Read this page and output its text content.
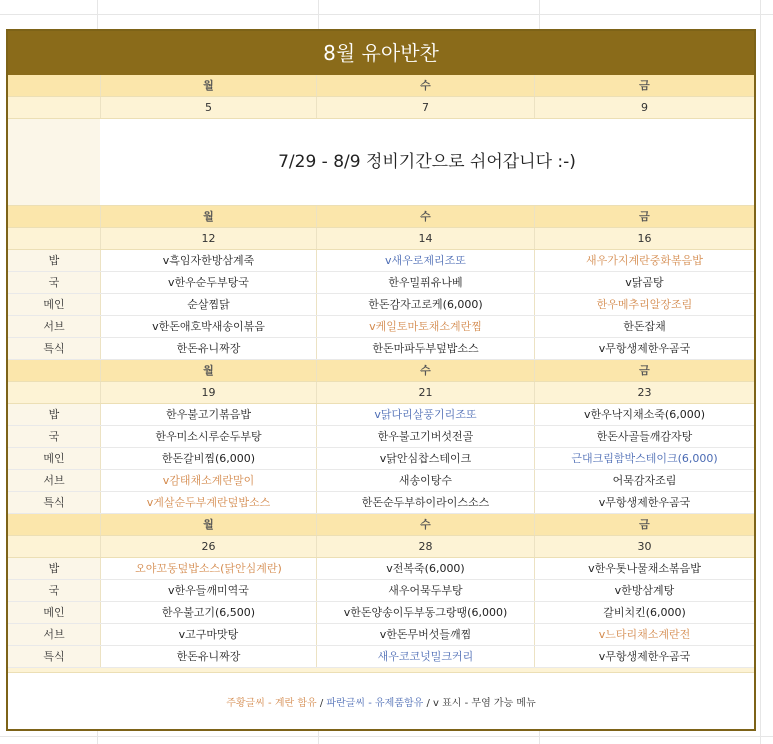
8월 유아반찬
월	수	금
5	7	9
7/29 - 8/9 정비기간으로 쉬어갑니다 :-)
월	수	금
12	14	16
밥	v흑임자한방삼계죽	v새우로제리조또	새우가지계란중화볶음밥
국	v한우순두부탕국	한우밀퓌유나베	v닭곰탕
메인	순살찜닭	한돈감자고로케(6,000)	한우메추리알장조림
서브	v한돈애호박새송이볶음	v케일토마토채소계란찜	한돈잡채
특식	한돈유니짜장	한돈마파두부덮밥소스	v무항생제한우곰국
월	수	금
19	21	23
밥	한우불고기볶음밥	v닭다리살풍기리조또	v한우낙지채소죽(6,000)
국	한우미소시루순두부탕	한우불고기버섯전골	한돈사골들깨감자탕
메인	한돈갈비찜(6,000)	v닭안심찹스테이크	근대크림함박스테이크(6,000)
서브	v감태채소계란말이	새송이탕수	어묵감자조림
특식	v게살순두부계란덮밥소스	한돈순두부하이라이스소스	v무항생제한우곰국
월	수	금
26	28	30
밥	오야꼬동덮밥소스(닭안심계란)	v전복죽(6,000)	v한우톳나물채소볶음밥
국	v한우들깨미역국	새우어묵두부탕	v한방삼계탕
메인	한우불고기(6,500)	v한돈양송이두부동그랑땡(6,000)	갈비치킨(6,000)
서브	v고구마맛탕	v한돈무버섯들깨찜	v느타리채소계란전
특식	한돈유니짜장	새우코코넛밀크커리	v무항생제한우곰국
주황글씨 - 계란 함유 / 파란글씨 - 유제품함유 / v 표시 - 무염 가능 메뉴
